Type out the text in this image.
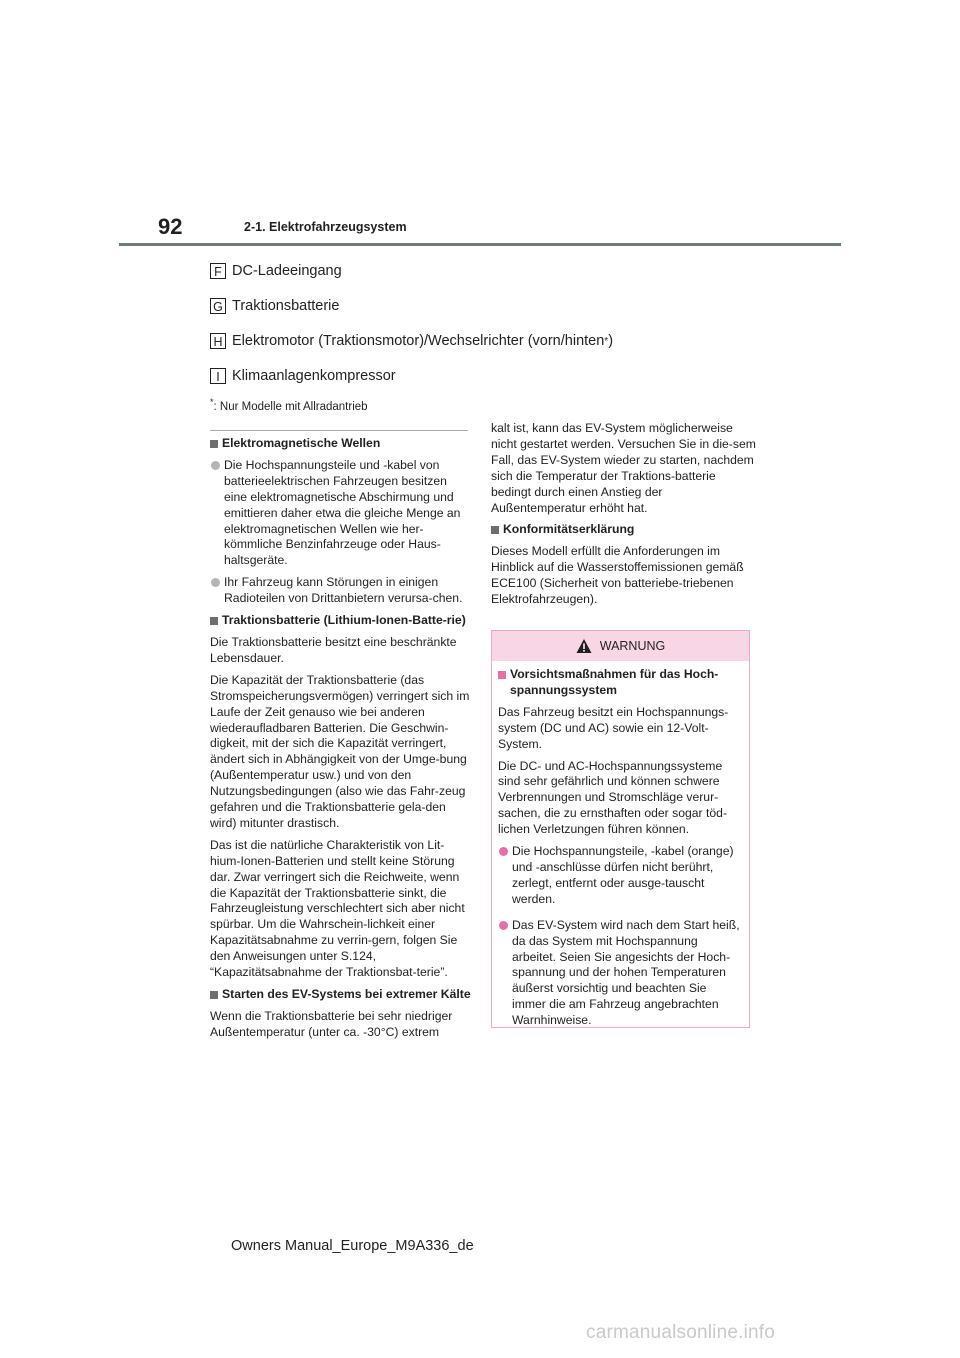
92	2-1. Elektrofahrzeugsystem
F DC-Ladeeingang
G Traktionsbatterie
H Elektromotor (Traktionsmotor)/Wechselrichter (vorn/hinten * )
I Klimaanlagenkompressor
*: Nur Modelle mit Allradantrieb
Elektromagnetische Wellen
Die Hochspannungsteile und -kabel von batterieelektrischen Fahrzeugen besitzen eine elektromagnetische Abschirmung und emittieren daher etwa die gleiche Menge an elektromagnetischen Wellen wie her-kömmliche Benzinfahrzeuge oder Haus-haltsgeräte.
Ihr Fahrzeug kann Störungen in einigen Radioteilen von Drittanbietern verursa-chen.
Traktionsbatterie (Lithium-Ionen-Batte-rie)

Die Traktionsbatterie besitzt eine beschränkte Lebensdauer.

Die Kapazität der Traktionsbatterie (das Stromspeicherungsvermögen) verringert sich im Laufe der Zeit genauso wie bei anderen wiederaufladbaren Batterien. Die Geschwin-digkeit, mit der sich die Kapazität verringert, ändert sich in Abhängigkeit von der Umge-bung (Außentemperatur usw.) und von den Nutzungsbedingungen (also wie das Fahr-zeug gefahren und die Traktionsbatterie gela-den wird) mitunter drastisch.

Das ist die natürliche Charakteristik von Lit-hium-Ionen-Batterien und stellt keine Störung dar. Zwar verringert sich die Reichweite, wenn die Kapazität der Traktionsbatterie sinkt, die Fahrzeugleistung verschlechtert sich aber nicht spürbar. Um die Wahrschein-lichkeit einer Kapazitätsabnahme zu verrin-gern, folgen Sie den Anweisungen unter S.124, “Kapazitätsabnahme der Traktionsbat-terie”.

Starten des EV-Systems bei extremer Kälte

Wenn die Traktionsbatterie bei sehr niedriger Außentemperatur (unter ca. -30°C) extrem

kalt ist, kann das EV-System möglicherweise nicht gestartet werden. Versuchen Sie in die-sem Fall, das EV-System wieder zu starten, nachdem sich die Temperatur der Traktions-batterie bedingt durch einen Anstieg der Außentemperatur erhöht hat.

Konformitätserklärung

Dieses Modell erfüllt die Anforderungen im Hinblick auf die Wasserstoffemissionen gemäß ECE100 (Sicherheit von batteriebe-triebenen Elektrofahrzeugen).

WARNUNG
Vorsichtsmaßnahmen für das Hoch-spannungssystem

Das Fahrzeug besitzt ein Hochspannungs-system (DC und AC) sowie ein 12-Volt-System.

Die DC- und AC-Hochspannungssysteme sind sehr gefährlich und können schwere Verbrennungen und Stromschläge verur-sachen, die zu ernsthaften oder sogar töd-lichen Verletzungen führen können.

Die Hochspannungsteile, -kabel (orange) und -anschlüsse dürfen nicht berührt, zerlegt, entfernt oder ausge-tauscht werden.
Das EV-System wird nach dem Start heiß, da das System mit Hochspannung arbeitet. Seien Sie angesichts der Hoch-spannung und der hohen Temperaturen äußerst vorsichtig und beachten Sie immer die am Fahrzeug angebrachten Warnhinweise.
Owners Manual_Europe_M9A336_de
carmanualsonline.info
